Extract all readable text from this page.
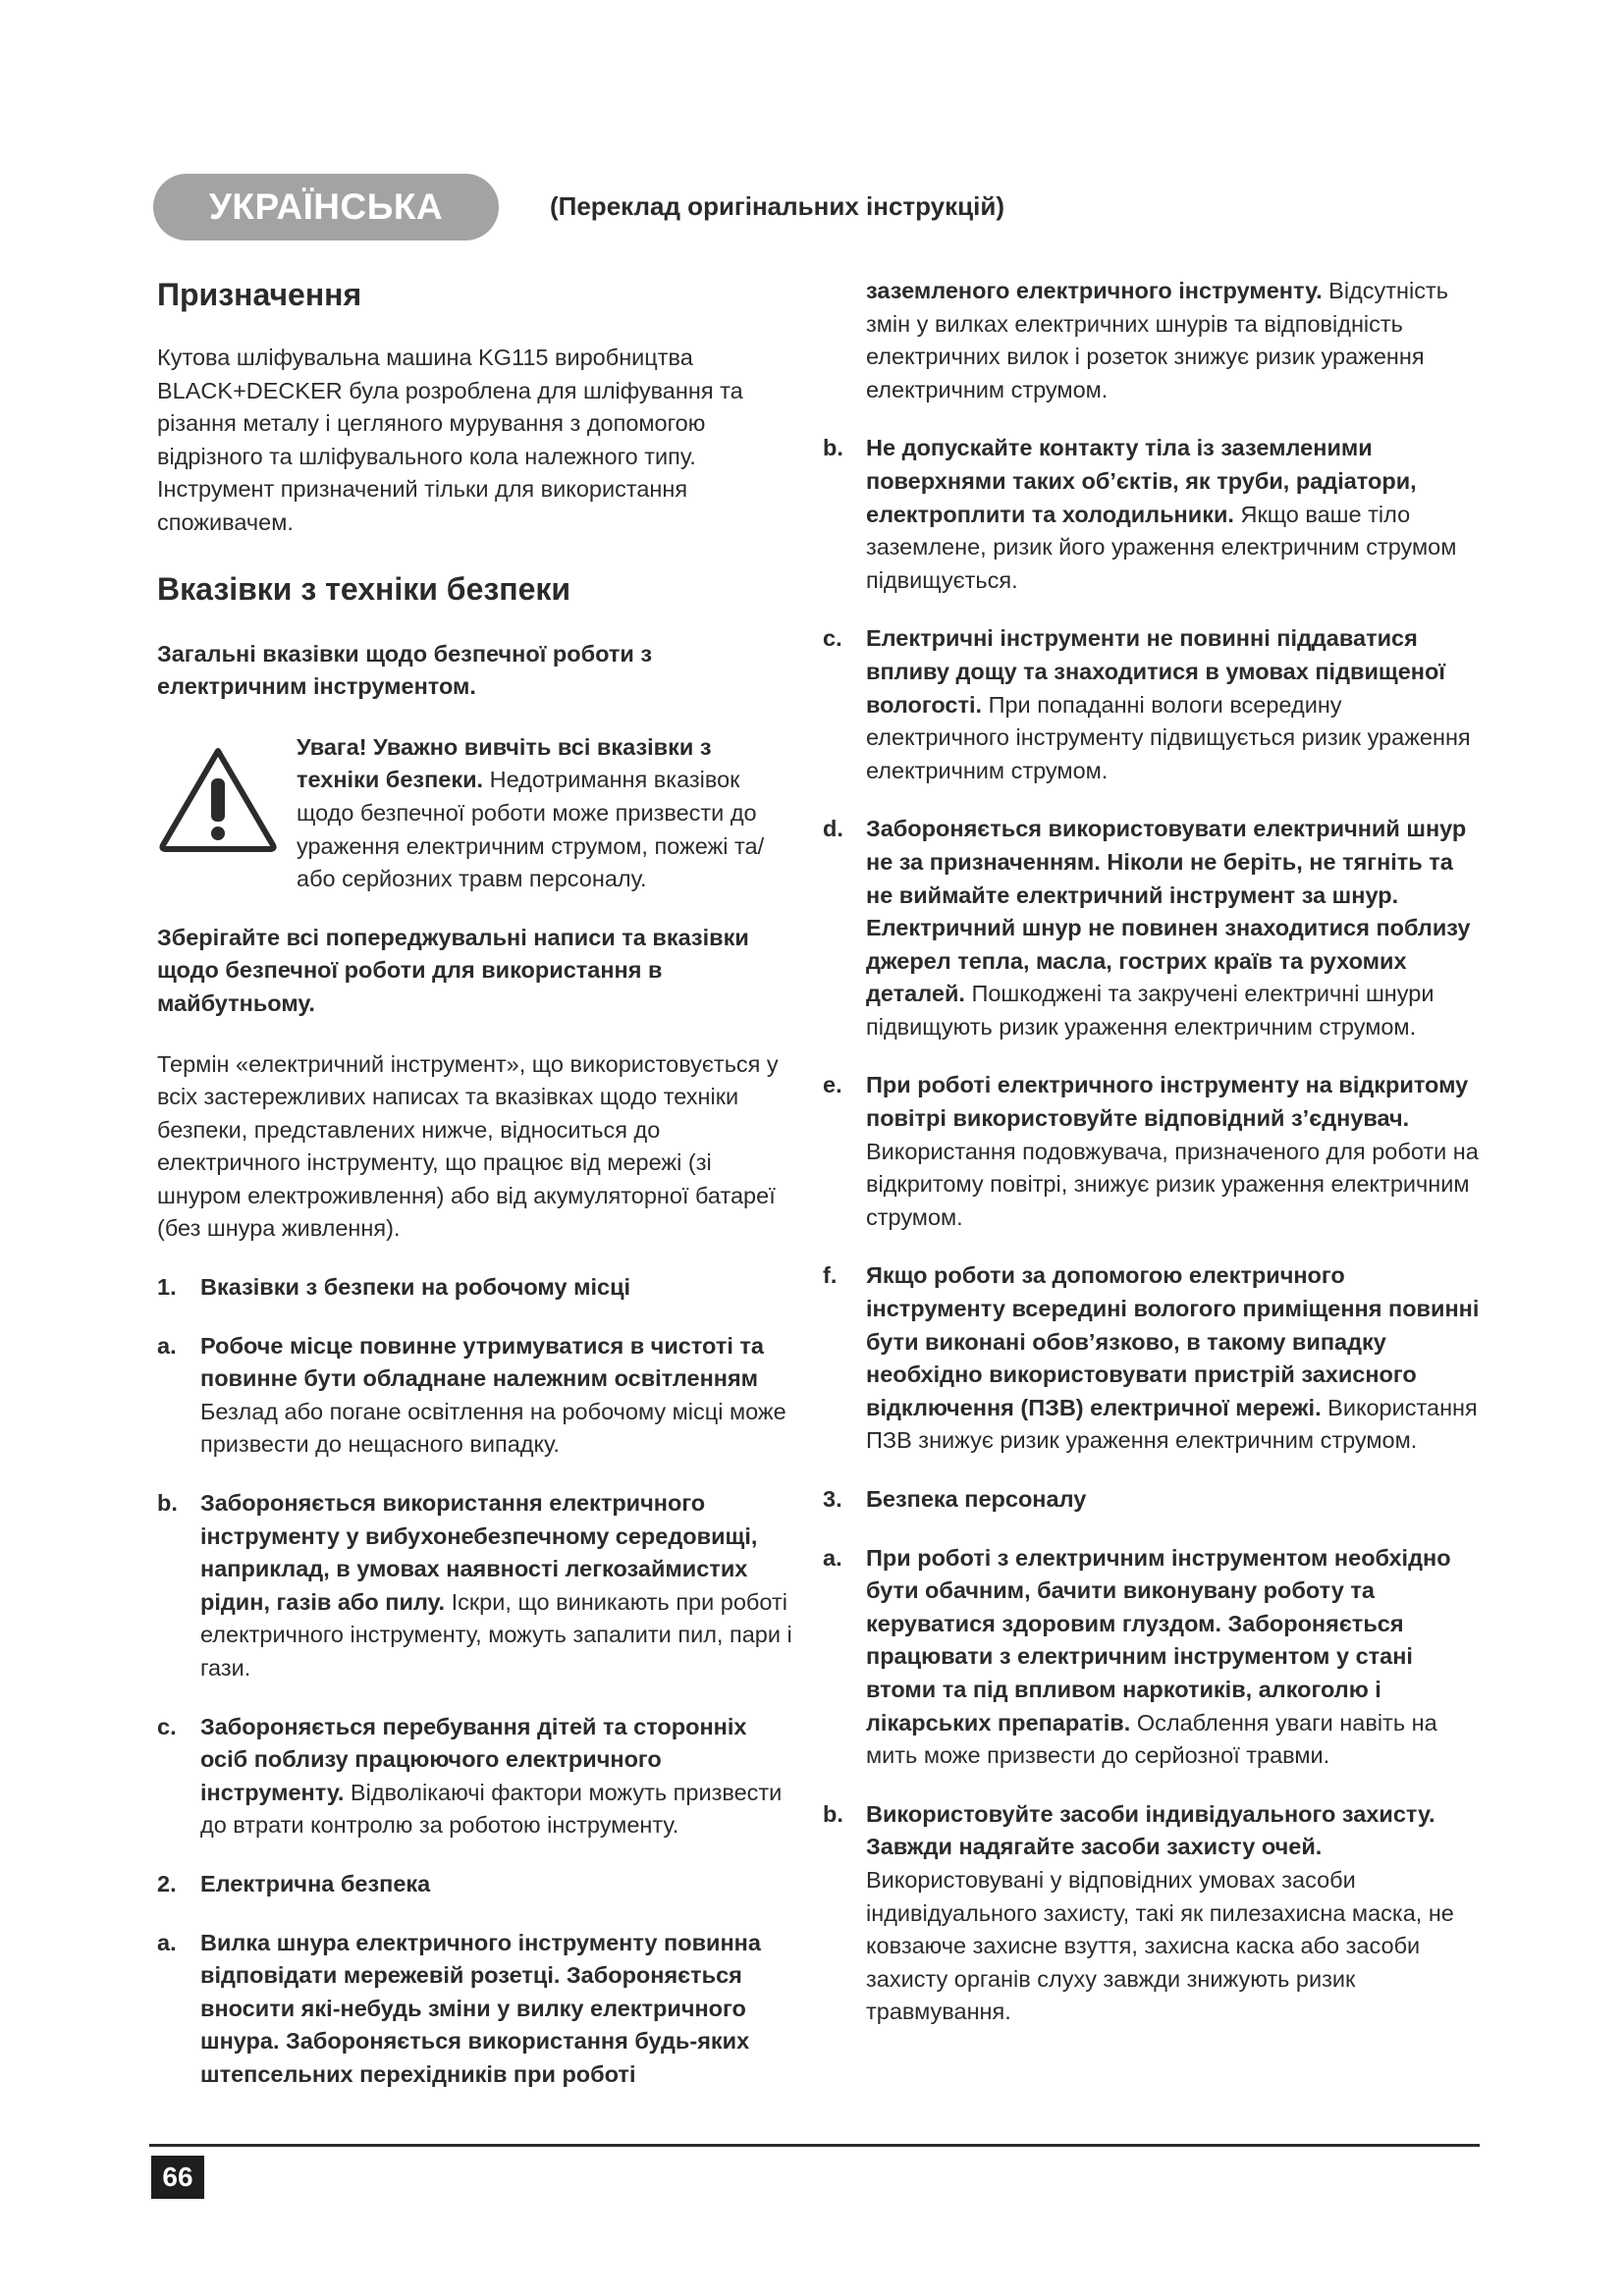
УКРАЇНСЬКА	(Переклад оригінальних інструкцій)
Призначення

Кутова шліфувальна машина KG115 виробництва BLACK+DECKER була розроблена для шліфування та різання металу і цегляного мурування з допомогою відрізного та шліфувального кола належного типу. Інструмент призначений тільки для використання споживачем.

Вказівки з техніки безпеки

Загальні вказівки щодо безпечної роботи з електричним інструментом.

Увага! Уважно вивчіть всі вказівки з техніки безпеки. Недотримання вказівок щодо безпечної роботи може призвести до ураження електричним струмом, пожежі та/або серйозних травм персоналу.

Зберігайте всі попереджувальні написи та вказівки щодо безпечної роботи для використання в майбутньому.

Термін «електричний інструмент», що використовується у всіх застережливих написах та вказівках щодо техніки безпеки, представлених нижче, відноситься до електричного інструменту, що працює від мережі (зі шнуром електроживлення) або від акумуляторної батареї (без шнура живлення).

1. Вказівки з безпеки на робочому місці
a. Робоче місце повинне утримуватися в чистоті та повинне бути обладнане належним освітленням Безлад або погане освітлення на робочому місці може призвести до нещасного випадку.
b. Забороняється використання електричного інструменту у вибухонебезпечному середовищі, наприклад, в умовах наявності легкозаймистих рідин, газів або пилу. Іскри, що виникають при роботі електричного інструменту, можуть запалити пил, пари і гази.
c. Забороняється перебування дітей та сторонніх осіб поблизу працюючого електричного інструменту. Відволікаючі фактори можуть призвести до втрати контролю за роботою інструменту.
2. Електрична безпека
a. Вилка шнура електричного інструменту повинна відповідати мережевій розетці. Забороняється вносити які-небудь зміни у вилку електричного шнура. Забороняється використання будь-яких штепсельних перехідників при роботі
заземленого електричного інструменту. Відсутність змін у вилках електричних шнурів та відповідність електричних вилок і розеток знижує ризик ураження електричним струмом.
b. Не допускайте контакту тіла із заземленими поверхнями таких об’єктів, як труби, радіатори, електроплити та холодильники. Якщо ваше тіло заземлене, ризик його ураження електричним струмом підвищується.
c. Електричні інструменти не повинні піддаватися впливу дощу та знаходитися в умовах підвищеної вологості. При попаданні вологи всередину електричного інструменту підвищується ризик ураження електричним струмом.
d. Забороняється використовувати електричний шнур не за призначенням. Ніколи не беріть, не тягніть та не виймайте електричний інструмент за шнур. Електричний шнур не повинен знаходитися поблизу джерел тепла, масла, гострих країв та рухомих деталей. Пошкоджені та закручені електричні шнури підвищують ризик ураження електричним струмом.
e. При роботі електричного інструменту на відкритому повітрі використовуйте відповідний з’єднувач. Використання подовжувача, призначеного для роботи на відкритому повітрі, знижує ризик ураження електричним струмом.
f. Якщо роботи за допомогою електричного інструменту всередині вологого приміщення повинні бути виконані обов’язково, в такому випадку необхідно використовувати пристрій захисного відключення (ПЗВ) електричної мережі. Використання ПЗВ знижує ризик ураження електричним струмом.
3. Безпека персоналу
a. При роботі з електричним інструментом необхідно бути обачним, бачити виконувану роботу та керуватися здоровим глуздом. Забороняється працювати з електричним інструментом у стані втоми та під впливом наркотиків, алкоголю і лікарських препаратів. Ослаблення уваги навіть на мить може призвести до серйозної травми.
b. Використовуйте засоби індивідуального захисту. Завжди надягайте засоби захисту очей. Використовувані у відповідних умовах засоби індивідуального захисту, такі як пилезахисна маска, не ковзаюче захисне взуття, захисна каска або засоби захисту органів слуху завжди знижують ризик травмування.
66
